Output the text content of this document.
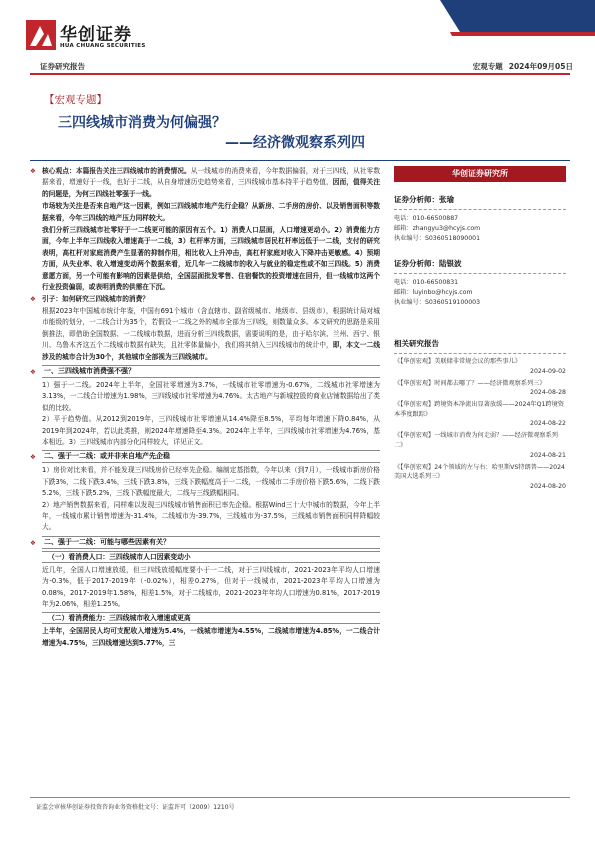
华创证券
HUA CHUANG SECURITIES
证券研究报告	宏观专题 2024年09月05日
【宏观专题】
三四线城市消费为何偏强？
——经济微观察系列四
❖ 核心观点：本篇报告关注三四线城市的消费情况。从一线城市的消费来看，今年数据偏弱，对于三四线，从社零数据来看，增速好于一线，也好于二线，从自身增速历史趋势来看，三四线城市基本持平于趋势值，因而，值得关注的问题是，为何三四线社零强于一线。
市场较为关注是否来自地产这一因素，例如三四线城市地产先行企稳？从新房、二手房的房价、以及销售面积等数据来看，今年三四线的地产压力同样较大。
我们分析三四线城市社零好于一二线更可能的原因有五个。1）消费人口层面，人口增速更动小。2）消费能力方面，今年上半年三四线收入增速高于一二线，3）杠杆率方面，三四线城市居民杠杆率远低于一二线，支付的研究表明，高杠杆对家庭消费产生显著的抑制作用，相比收入上升冲击，高杠杆家庭对收入下降冲击更敏感。4）预期方面，从失业率、收入增速变动两个数据来看，近几年一二线城市的收入与就业的稳定性或不如三四线。5）消费意愿方面，另一个可能有影响的因素是供给，全国层面批发零售、住宿餐饮的投资增速在回升，但一线城市这两个行业投资偏弱，或表明消费的供需在下沉。
❖ 引子：如何研究三四线城市的消费？
根据2023年中国城市统计年鉴，中国有691个城市（含直辖市、副省级城市、地级市、县级市），根据统计局对城市能级的划分，一二线合计为35个，若假设一二线之外的城市全部为三四线，则数量众多。本文研究的思路是采用倒推法，即借助全国数据、一二线城市数据，进而分析三四线数据，需要说明的是，由于哈尔滨、兰州、西宁、银川、乌鲁木齐这五个二线城市数据有缺失，且社零体量偏小，我们将其纳入三四线城市的统计中，即，本文一二线涉及的城市合计为30个，其他城市全部视为三四线城市。
❖ 一、三四线城市消费强不强？
1）强于一二线。2024年上半年，全国社零增速为3.7%，一线城市社零增速为-0.67%，二线城市社零增速为3.13%，一二线合计增速为1.98%，三四线城市社零增速为4.76%。太古地产与新城控股的商业店铺数据给出了类似的比较。
2）平于趋势值。从2012到2019年，三四线城市社零增速从14.4%降至8.5%，平均每年增速下降0.84%，从2019年到2024年，若以此类推，则2024年增速降至4.3%。2024年上半年，三四线城市社零增速为4.76%，基本相近。3）三四线城市内部分化同样较大，详见正文。
❖ 二、强于一二线：或并非来自地产先企稳
1）房价对比来看，并不能发现三四线房价已经率先企稳。编制定基指数，今年以来（到7月），一线城市新房价格下跌3%，二线下跌3.4%，三线下跌3.8%，三线下跌幅度高于一二线，一线城市二手房价格下跌5.6%，二线下跌5.2%，三线下跌5.2%，三线下跌幅度最大，二线与三线跌幅相同。
2）地产销售数据来看，同样难以发现三四线城市销售面积已率先企稳。根据Wind三十大中城市的数据，今年上半年，一线城市累计销售增速为-31.4%，二线城市为-39.7%，三线城市为-37.5%，三线城市销售面积同样降幅较大。
❖ 二、强于一二线：可能与哪些因素有关？
（一）看消费人口：三四线城市人口因素变动小
近几年，全国人口增速放缓，但三四线放缓幅度要小于一二线，对于三四线城市，2021-2023年平均人口增速为-0.3%，低于2017-2019年（-0.02%），相差0.27%，但对于一线城市，2021-2023年平均人口增速为0.08%，2017-2019年1.58%，相差1.5%，对于二线城市，2021-2023年年均人口增速为0.81%，2017-2019年为2.06%，相差1.25%。
（二）看消费能力：三四线城市收入增速或更高
上半年，全国居民人均可支配收入增速为5.4%，一线城市增速为4.55%，二线城市增速为4.85%，一二线合计增速为4.75%，三四线增速达到5.77%，三
华创证券研究所
证券分析师：张瑜
电话：010-66500887
邮箱：zhangyu3@hcyjs.com
执业编号：S0360518090001
证券分析师：陆银波
电话：010-66500831
邮箱：luyinbo@hcyjs.com
执业编号：S0360519100003
相关研究报告
《【华创宏观】美联储非常规会议的那些事儿》
2024-09-02
《【华创宏观】时间都去哪了？——经济微观察系列三》
2024-08-28
《【华创宏观】跨境资本净流出显著放缓——2024年Q1跨境资本季度跟踪》
2024-08-22
《【华创宏观】一线城市消费为何走弱？——经济微观察系列二》
2024-08-21
《【华创宏观】24个领域的左与右：哈里斯VS特朗普——2024美国大选系列三》
2024-08-20
证监会审核华创证券投资咨询业务资格批文号：证监许可（2009）1210号
